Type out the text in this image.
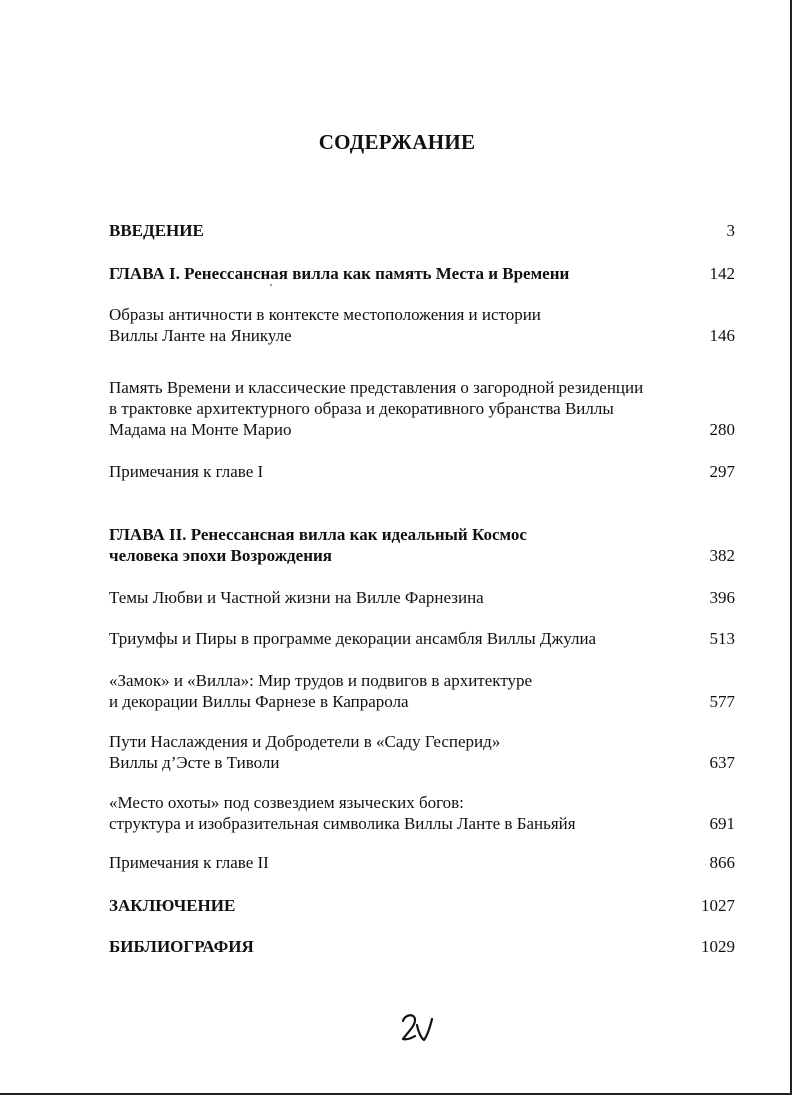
СОДЕРЖАНИЕ
ВВЕДЕНИЕ	3
ГЛАВА I. Ренессансная вилла как память Места и Времени	142
ʼ
Образы античности в контексте местоположения и истории
Виллы Ланте на Яникуле	146
Память Времени и классические представления о загородной резиденции
в трактовке архитектурного образа и декоративного убранства Виллы
Мадама на Монте Марио	280
Примечания к главе I	297
ГЛАВА II. Ренессансная вилла как идеальный Космос
человека эпохи Возрождения	382
Темы Любви и Частной жизни на Вилле Фарнезина	396
Триумфы и Пиры в программе декорации ансамбля Виллы Джулиа	513
«Замок» и «Вилла»: Мир трудов и подвигов в архитектуре
и декорации Виллы Фарнезе в Капрарола	577
Пути Наслаждения и Добродетели в «Саду Гесперид»
Виллы д’Эсте в Тиволи	637
«Место охоты» под созвездием языческих богов:
структура и изобразительная символика Виллы Ланте в Баньяйя	691
Примечания к главе II	866
ЗАКЛЮЧЕНИЕ	1027
БИБЛИОГРАФИЯ	1029
